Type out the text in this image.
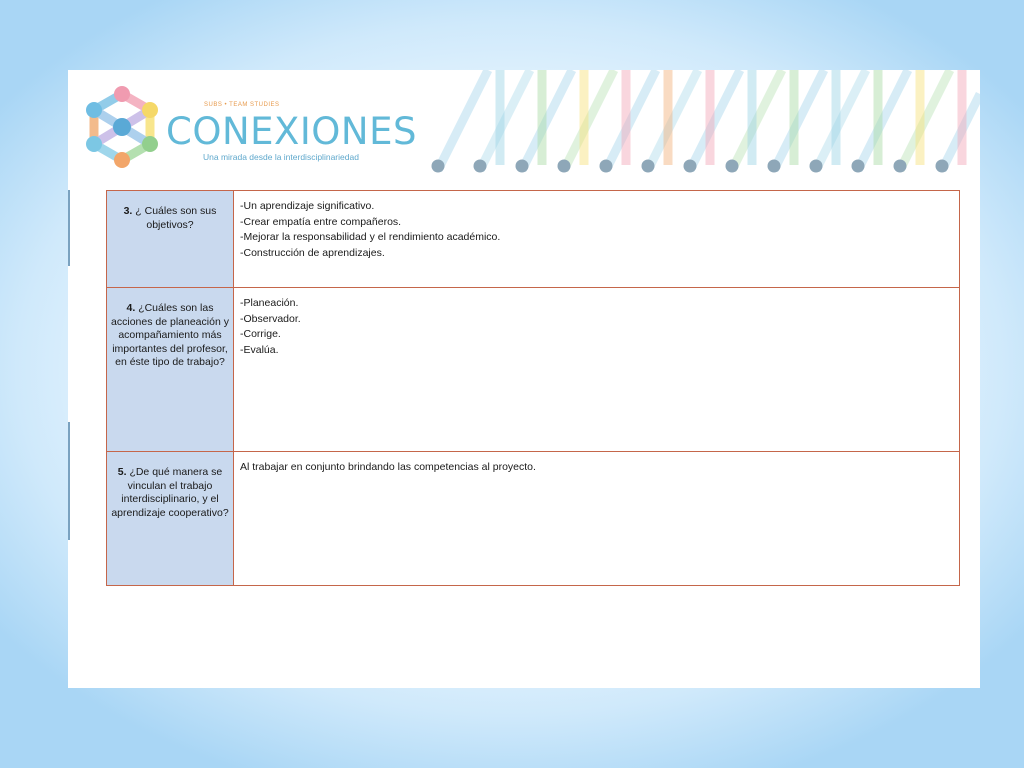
SUBS • TEAM STUDIES
CONEXIONES
Una mirada desde la interdisciplinariedad
3. ¿ Cuáles son sus objetivos?	-Un aprendizaje significativo.
-Crear empatía entre compañeros.
-Mejorar la responsabilidad y el rendimiento académico.
-Construcción de aprendizajes.

4. ¿Cuáles son las acciones de planeación y acompañamiento más importantes del profesor, en éste tipo de trabajo?	-Planeación.
-Observador.
-Corrige.
-Evalúa.

5. ¿De qué manera se vinculan el trabajo interdisciplinario, y el aprendizaje cooperativo?	Al trabajar en conjunto brindando las competencias al proyecto.
